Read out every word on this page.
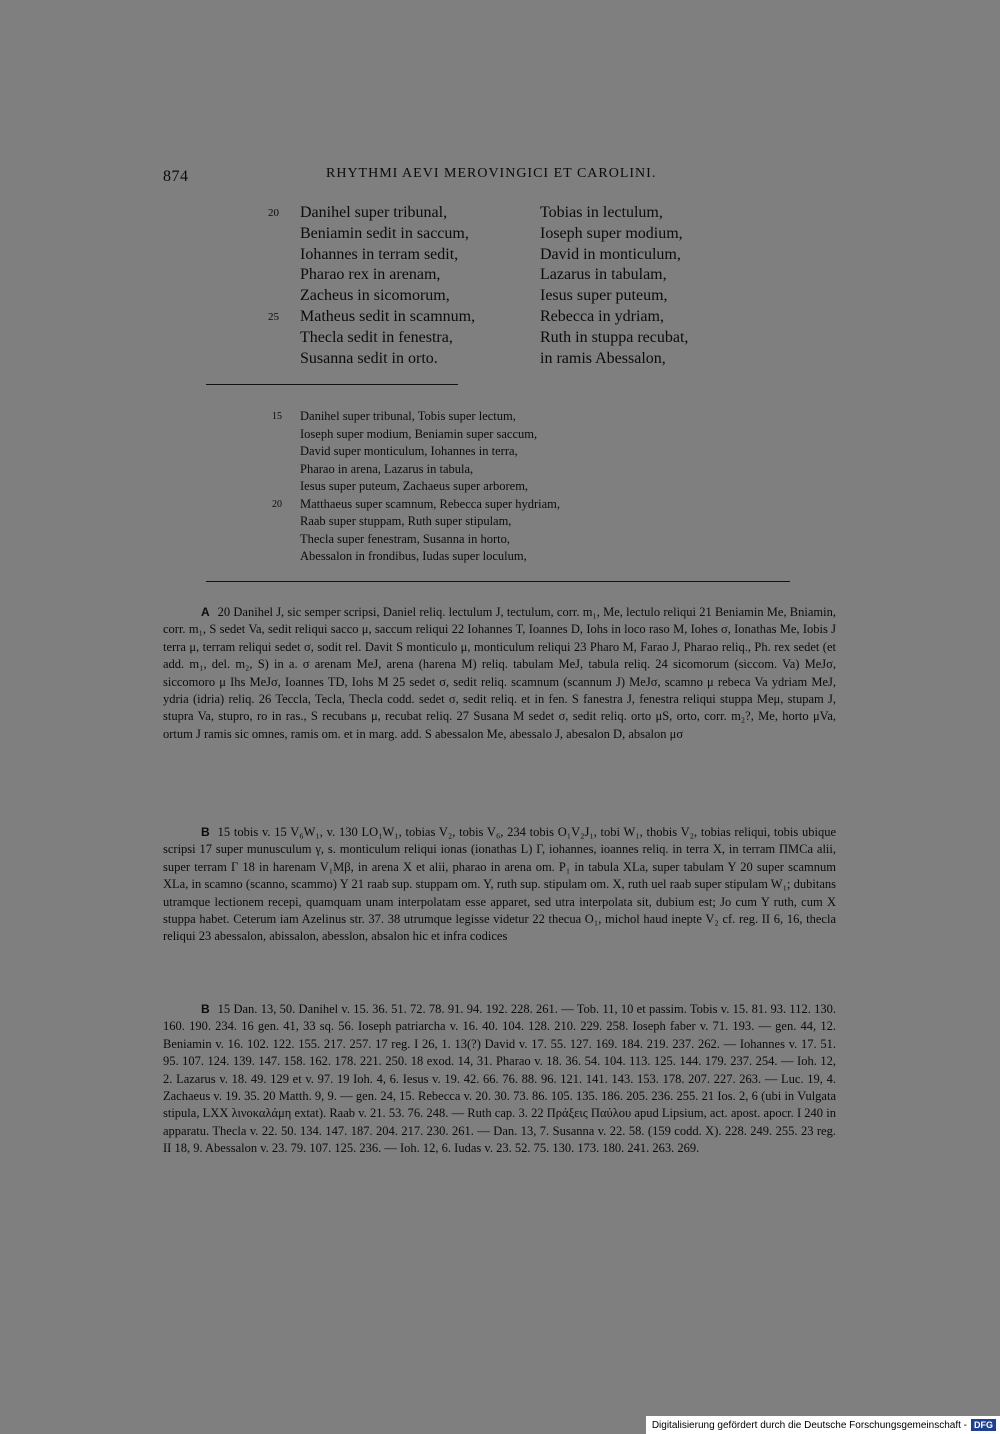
874	RHYTHMI AEVI MEROVINGICI ET CAROLINI.
20
25
Danihel super tribunal,
Beniamin sedit in saccum,
Iohannes in terram sedit,
Pharao rex in arenam,
Zacheus in sicomorum,
Matheus sedit in scamnum,
Thecla sedit in fenestra,
Susanna sedit in orto.
Tobias in lectulum,
Ioseph super modium,
David in monticulum,
Lazarus in tabulam,
Iesus super puteum,
Rebecca in ydriam,
Ruth in stuppa recubat,
in ramis Abessalon,
15
20
Danihel super tribunal, Tobis super lectum,
Ioseph super modium, Beniamin super saccum,
David super monticulum, Iohannes in terra,
Pharao in arena, Lazarus in tabula,
Iesus super puteum, Zachaeus super arborem,
Matthaeus super scamnum, Rebecca super hydriam,
Raab super stuppam, Ruth super stipulam,
Thecla super fenestram, Susanna in horto,
Abessalon in frondibus, Iudas super loculum,

A 20 Danihel J, sic semper scripsi, Daniel reliq. lectulum J, tectulum, corr. m₁, Me, lectulo reliqui 21 Beniamin Me, Bniamin, corr. m₁, S sedet Va, sedit reliqui sacco μ, saccum reliqui 22 Iohannes T, Ioannes D, Iohs in loco raso M, Iohes σ, Ionathas Me, Iobis J terra μ, terram reliqui sedet σ, sodit rel. Davit S monticulo μ, monticulum reliqui 23 Pharo M, Farao J, Pharao reliq., Ph. rex sedet (et add. m₁, del. m₂, S) in a. σ arenam MeJ, arena (harena M) reliq. tabulam MeJ, tabula reliq. 24 sicomorum (siccom. Va) MeJσ, siccomoro μ Ihs MeJσ, Ioannes TD, Iohs M 25 sedet σ, sedit reliq. scamnum (scannum J) MeJσ, scamno μ rebeca Va ydriam MeJ, ydria (idria) reliq. 26 Teccla, Tecla, Thecla codd. sedet σ, sedit reliq. et in fen. S fanestra J, fenestra reliqui stuppa Meμ, stupam J, stupra Va, stupro, ro in ras., S recubans μ, recubat reliq. 27 Susana M sedet σ, sedit reliq. orto μS, orto, corr. m₂?, Me, horto μVa, ortum J ramis sic omnes, ramis om. et in marg. add. S abessalon Me, abessalo J, abesalon D, absalon μσ

B 15 tobis v. 15 V₆W₁, v. 130 LO₁W₁, tobias V₂, tobis V₆, 234 tobis O₁V₂J₁, tobi W₁, thobis V₂, tobias reliqui, tobis ubique scripsi 17 super munusculum γ, s. monticulum reliqui ionas (ionathas L) Γ, iohannes, ioannes reliq. in terra X, in terram ΠMCa alii, super terram Γ 18 in harenam V₁Mβ, in arena X et alii, pharao in arena om. P₁ in tabula XLa, super tabulam Y 20 super scamnum XLa, in scamno (scanno, scammo) Y 21 raab sup. stuppam om. Y, ruth sup. stipulam om. X, ruth uel raab super stipulam W₁; dubitans utramque lectionem recepi, quamquam unam interpolatam esse apparet, sed utra interpolata sit, dubium est; Jo cum Y ruth, cum X stuppa habet. Ceterum iam Azelinus str. 37. 38 utrumque legisse videtur 22 thecua O₁, michol haud inepte V₂ cf. reg. II 6, 16, thecla reliqui 23 abessalon, abissalon, abesslon, absalon hic et infra codices

B 15 Dan. 13, 50. Danihel v. 15. 36. 51. 72. 78. 91. 94. 192. 228. 261. — Tob. 11, 10 et passim. Tobis v. 15. 81. 93. 112. 130. 160. 190. 234. 16 gen. 41, 33 sq. 56. Ioseph patriarcha v. 16. 40. 104. 128. 210. 229. 258. Ioseph faber v. 71. 193. — gen. 44, 12. Beniamin v. 16. 102. 122. 155. 217. 257. 17 reg. I 26, 1. 13(?) David v. 17. 55. 127. 169. 184. 219. 237. 262. — Iohannes v. 17. 51. 95. 107. 124. 139. 147. 158. 162. 178. 221. 250. 18 exod. 14, 31. Pharao v. 18. 36. 54. 104. 113. 125. 144. 179. 237. 254. — Ioh. 12, 2. Lazarus v. 18. 49. 129 et v. 97. 19 Ioh. 4, 6. Iesus v. 19. 42. 66. 76. 88. 96. 121. 141. 143. 153. 178. 207. 227. 263. — Luc. 19, 4. Zachaeus v. 19. 35. 20 Matth. 9, 9. — gen. 24, 15. Rebecca v. 20. 30. 73. 86. 105. 135. 186. 205. 236. 255. 21 Ios. 2, 6 (ubi in Vulgata stipula, LXX λινοκαλάμη extat). Raab v. 21. 53. 76. 248. — Ruth cap. 3. 22 Πράξεις Παύλου apud Lipsium, act. apost. apocr. I 240 in apparatu. Thecla v. 22. 50. 134. 147. 187. 204. 217. 230. 261. — Dan. 13, 7. Susanna v. 22. 58. (159 codd. X). 228. 249. 255. 23 reg. II 18, 9. Abessalon v. 23. 79. 107. 125. 236. — Ioh. 12, 6. Iudas v. 23. 52. 75. 130. 173. 180. 241. 263. 269.

Digitalisierung gefördert durch die Deutsche Forschungsgemeinschaft - DFG
